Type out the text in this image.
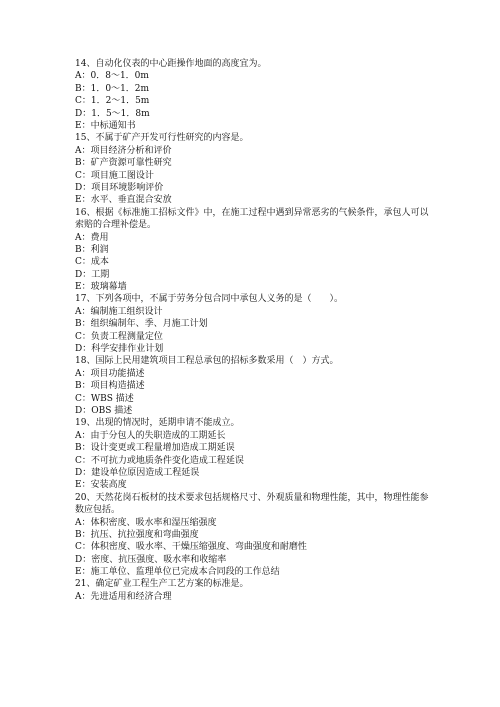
14、自动化仪表的中心距操作地面的高度宜为。
A：0．8～1．0m
B：1．0～1．2m
C：1．2～1．5m
D：1．5～1．8m
E：中标通知书
15、不属于矿产开发可行性研究的内容是。
A：项目经济分析和评价
B：矿产资源可靠性研究
C：项目施工图设计
D：项目环境影响评价
E：水平、垂直混合安放
16、根据《标准施工招标文件》中，在施工过程中遇到异常恶劣的气候条件，承包人可以索赔的合理补偿是。
A：费用
B：利润
C：成本
D：工期
E：玻璃幕墙
17、下列各项中，不属于劳务分包合同中承包人义务的是（　　）。
A：编制施工组织设计
B：组织编制年、季、月施工计划
C：负责工程测量定位
D：科学安排作业计划
18、国际上民用建筑项目工程总承包的招标多数采用（　）方式。
A：项目功能描述
B：项目构造描述
C：WBS 描述
D：OBS 描述
19、出现的情况时，延期申请不能成立。
A：由于分包人的失职造成的工期延长
B：设计变更或工程量增加造成工期延误
C：不可抗力或地质条件变化造成工程延误
D：建设单位原因造成工程延误
E：安装高度
20、天然花岗石板材的技术要求包括规格尺寸、外观质量和物理性能，其中，物理性能参数应包括。
A：体积密度、吸水率和湿压缩强度
B：抗压、抗拉强度和弯曲强度
C：体积密度、吸水率、干燥压缩强度、弯曲强度和耐磨性
D：密度、抗压强度、吸水率和收缩率
E：施工单位、监理单位已完成本合同段的工作总结
21、确定矿业工程生产工艺方案的标准是。
A：先进适用和经济合理
